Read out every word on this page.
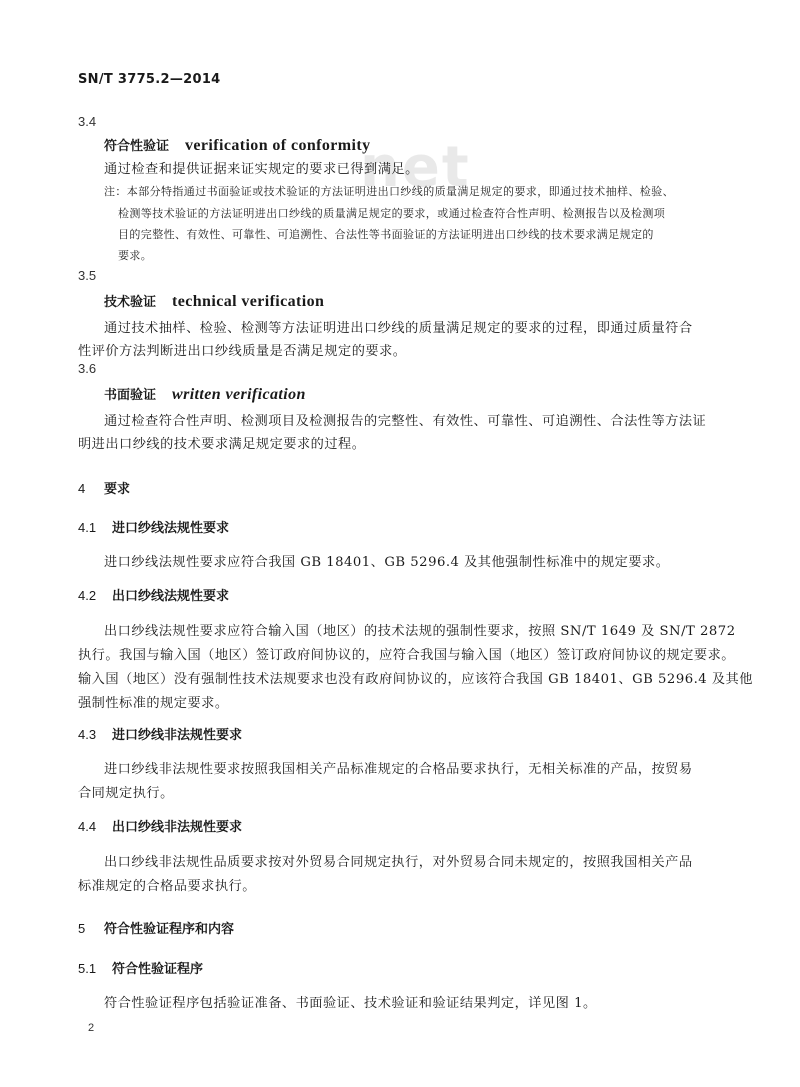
net
SN/T 3775.2—2014
3.4
符合性验证 verification of conformity
通过检查和提供证据来证实规定的要求已得到满足。
注：本部分特指通过书面验证或技术验证的方法证明进出口纱线的质量满足规定的要求，即通过技术抽样、检验、
检测等技术验证的方法证明进出口纱线的质量满足规定的要求，或通过检查符合性声明、检测报告以及检测项
目的完整性、有效性、可靠性、可追溯性、合法性等书面验证的方法证明进出口纱线的技术要求满足规定的
要求。
3.5
技术验证 technical verification
通过技术抽样、检验、检测等方法证明进出口纱线的质量满足规定的要求的过程，即通过质量符合
性评价方法判断进出口纱线质量是否满足规定的要求。
3.6
书面验证 written verification
通过检查符合性声明、检测项目及检测报告的完整性、有效性、可靠性、可追溯性、合法性等方法证
明进出口纱线的技术要求满足规定要求的过程。
4 要求
4.1 进口纱线法规性要求
进口纱线法规性要求应符合我国 GB 18401、GB 5296.4 及其他强制性标准中的规定要求。
4.2 出口纱线法规性要求
出口纱线法规性要求应符合输入国（地区）的技术法规的强制性要求，按照 SN/T 1649 及 SN/T 2872
执行。我国与输入国（地区）签订政府间协议的，应符合我国与输入国（地区）签订政府间协议的规定要求。
输入国（地区）没有强制性技术法规要求也没有政府间协议的，应该符合我国 GB 18401、GB 5296.4 及其他
强制性标准的规定要求。
4.3 进口纱线非法规性要求
进口纱线非法规性要求按照我国相关产品标准规定的合格品要求执行，无相关标准的产品，按贸易
合同规定执行。
4.4 出口纱线非法规性要求
出口纱线非法规性品质要求按对外贸易合同规定执行，对外贸易合同未规定的，按照我国相关产品
标准规定的合格品要求执行。
5 符合性验证程序和内容
5.1 符合性验证程序
符合性验证程序包括验证准备、书面验证、技术验证和验证结果判定，详见图 1。
2
